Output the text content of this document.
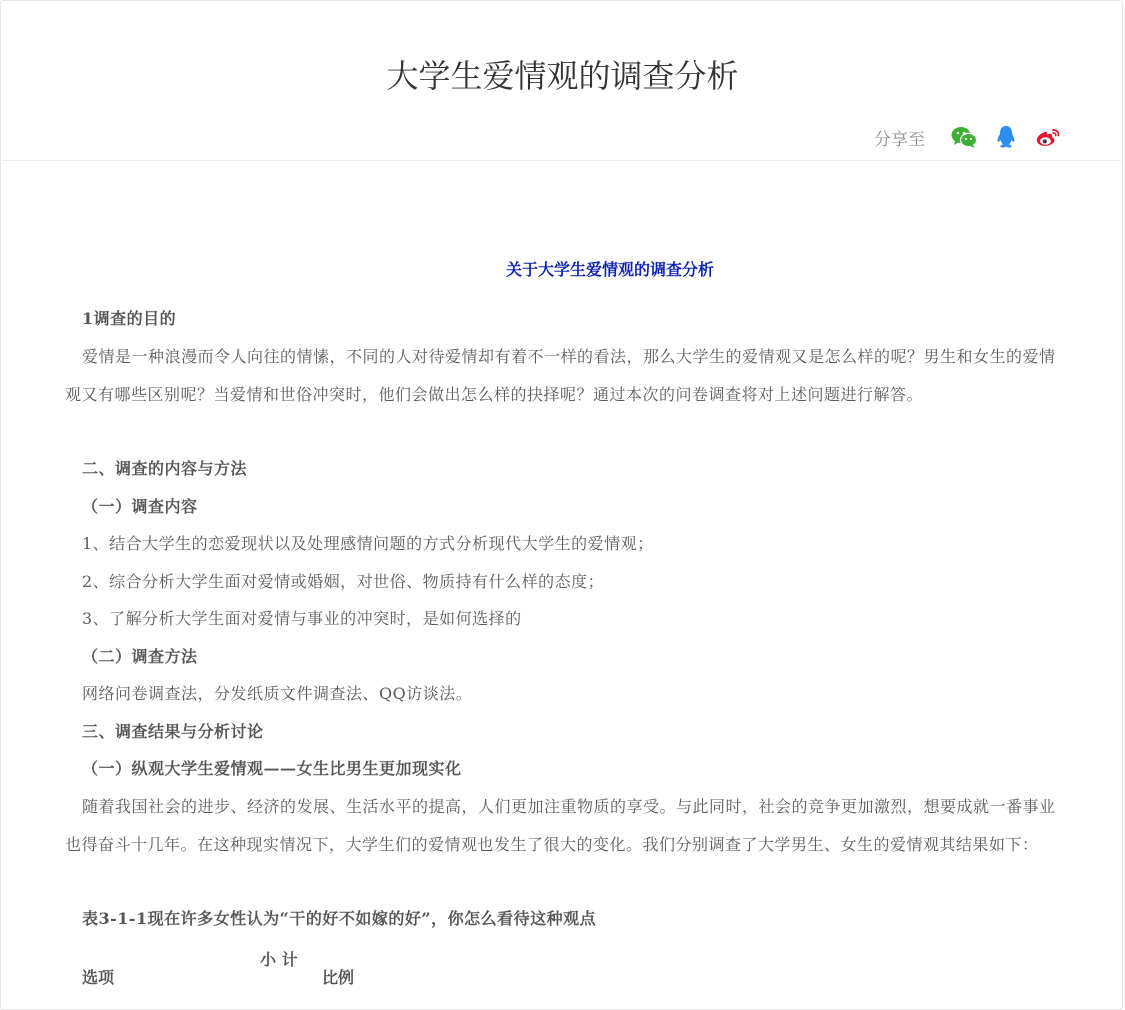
大学生爱情观的调查分析
分享至
关于大学生爱情观的调查分析
1调查的目的
爱情是一种浪漫而令人向往的情愫，不同的人对待爱情却有着不一样的看法，那么大学生的爱情观又是怎么样的呢？男生和女生的爱情观又有哪些区别呢？当爱情和世俗冲突时，他们会做出怎么样的抉择呢？通过本次的问卷调查将对上述问题进行解答。
二、调查的内容与方法
（一）调查内容
1、结合大学生的恋爱现状以及处理感情问题的方式分析现代大学生的爱情观；
2、综合分析大学生面对爱情或婚姻，对世俗、物质持有什么样的态度；
3、了解分析大学生面对爱情与事业的冲突时，是如何选择的
（二）调查方法
网络问卷调查法，分发纸质文件调查法、QQ访谈法。
三、调查结果与分析讨论
（一）纵观大学生爱情观——女生比男生更加现实化
随着我国社会的进步、经济的发展、生活水平的提高，人们更加注重物质的享受。与此同时，社会的竞争更加激烈，想要成就一番事业也得奋斗十几年。在这种现实情况下，大学生们的爱情观也发生了很大的变化。我们分别调查了大学男生、女生的爱情观其结果如下：
表3-1-1现在许多女性认为“干的好不如嫁的好”，你怎么看待这种观点
选项
小 计
比例
